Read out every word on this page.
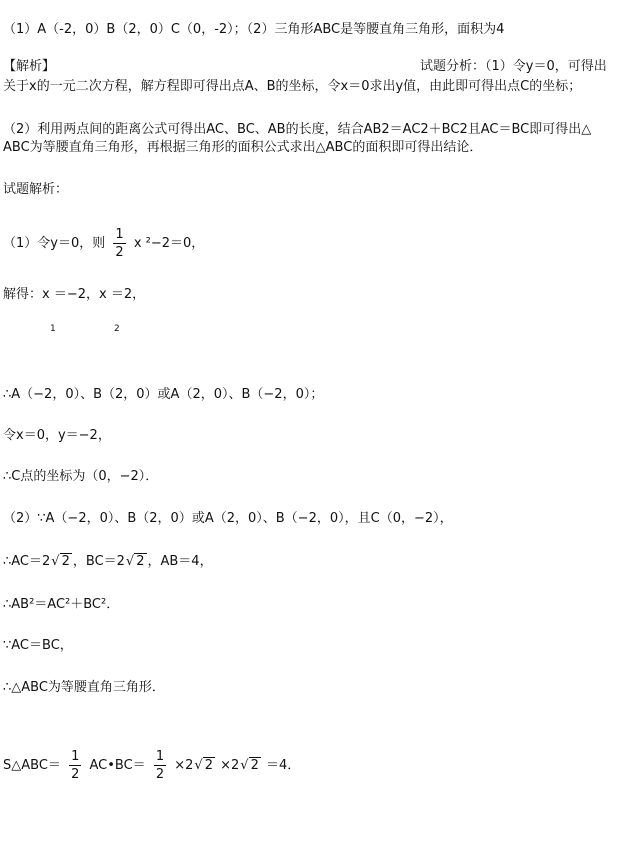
（1）A（-2，0）B（2，0）C（0，-2）；（2）三角形ABC是等腰直角三角形，面积为4
【解析】	试题分析：（1）令y＝0，可得出
关于x的一元二次方程，解方程即可得出点A、B的坐标，令x＝0求出y值，由此即可得出点C的坐标；
（2）利用两点间的距离公式可得出AC、BC、AB的长度，结合AB2＝AC2＋BC2且AC＝BC即可得出△
ABC为等腰直角三角形，再根据三角形的面积公式求出△ABC的面积即可得出结论．
试题解析：
（1）令y＝0，则 $\frac{1}{2}$ x ²−2＝0，
解得：x ＝−2，x ＝2，
1	2
∴A（−2，0）、B（2，0）或A（2，0）、B（−2，0）；
令x＝0，y＝−2，
∴C点的坐标为（0，−2）．
（2）∵A（−2，0）、B（2，0）或A（2，0）、B（−2，0），且C（0，−2），
∴AC＝2√ 2 ，BC＝2√ 2 ，AB＝4，
∴AB²＝AC²＋BC²．
∵AC＝BC，
∴△ABC为等腰直角三角形．
S△ABC＝ $\frac{1}{2}$ AC•BC＝ $\frac{1}{2} \times 2√$ 2 ×2√ 2 ＝4．
